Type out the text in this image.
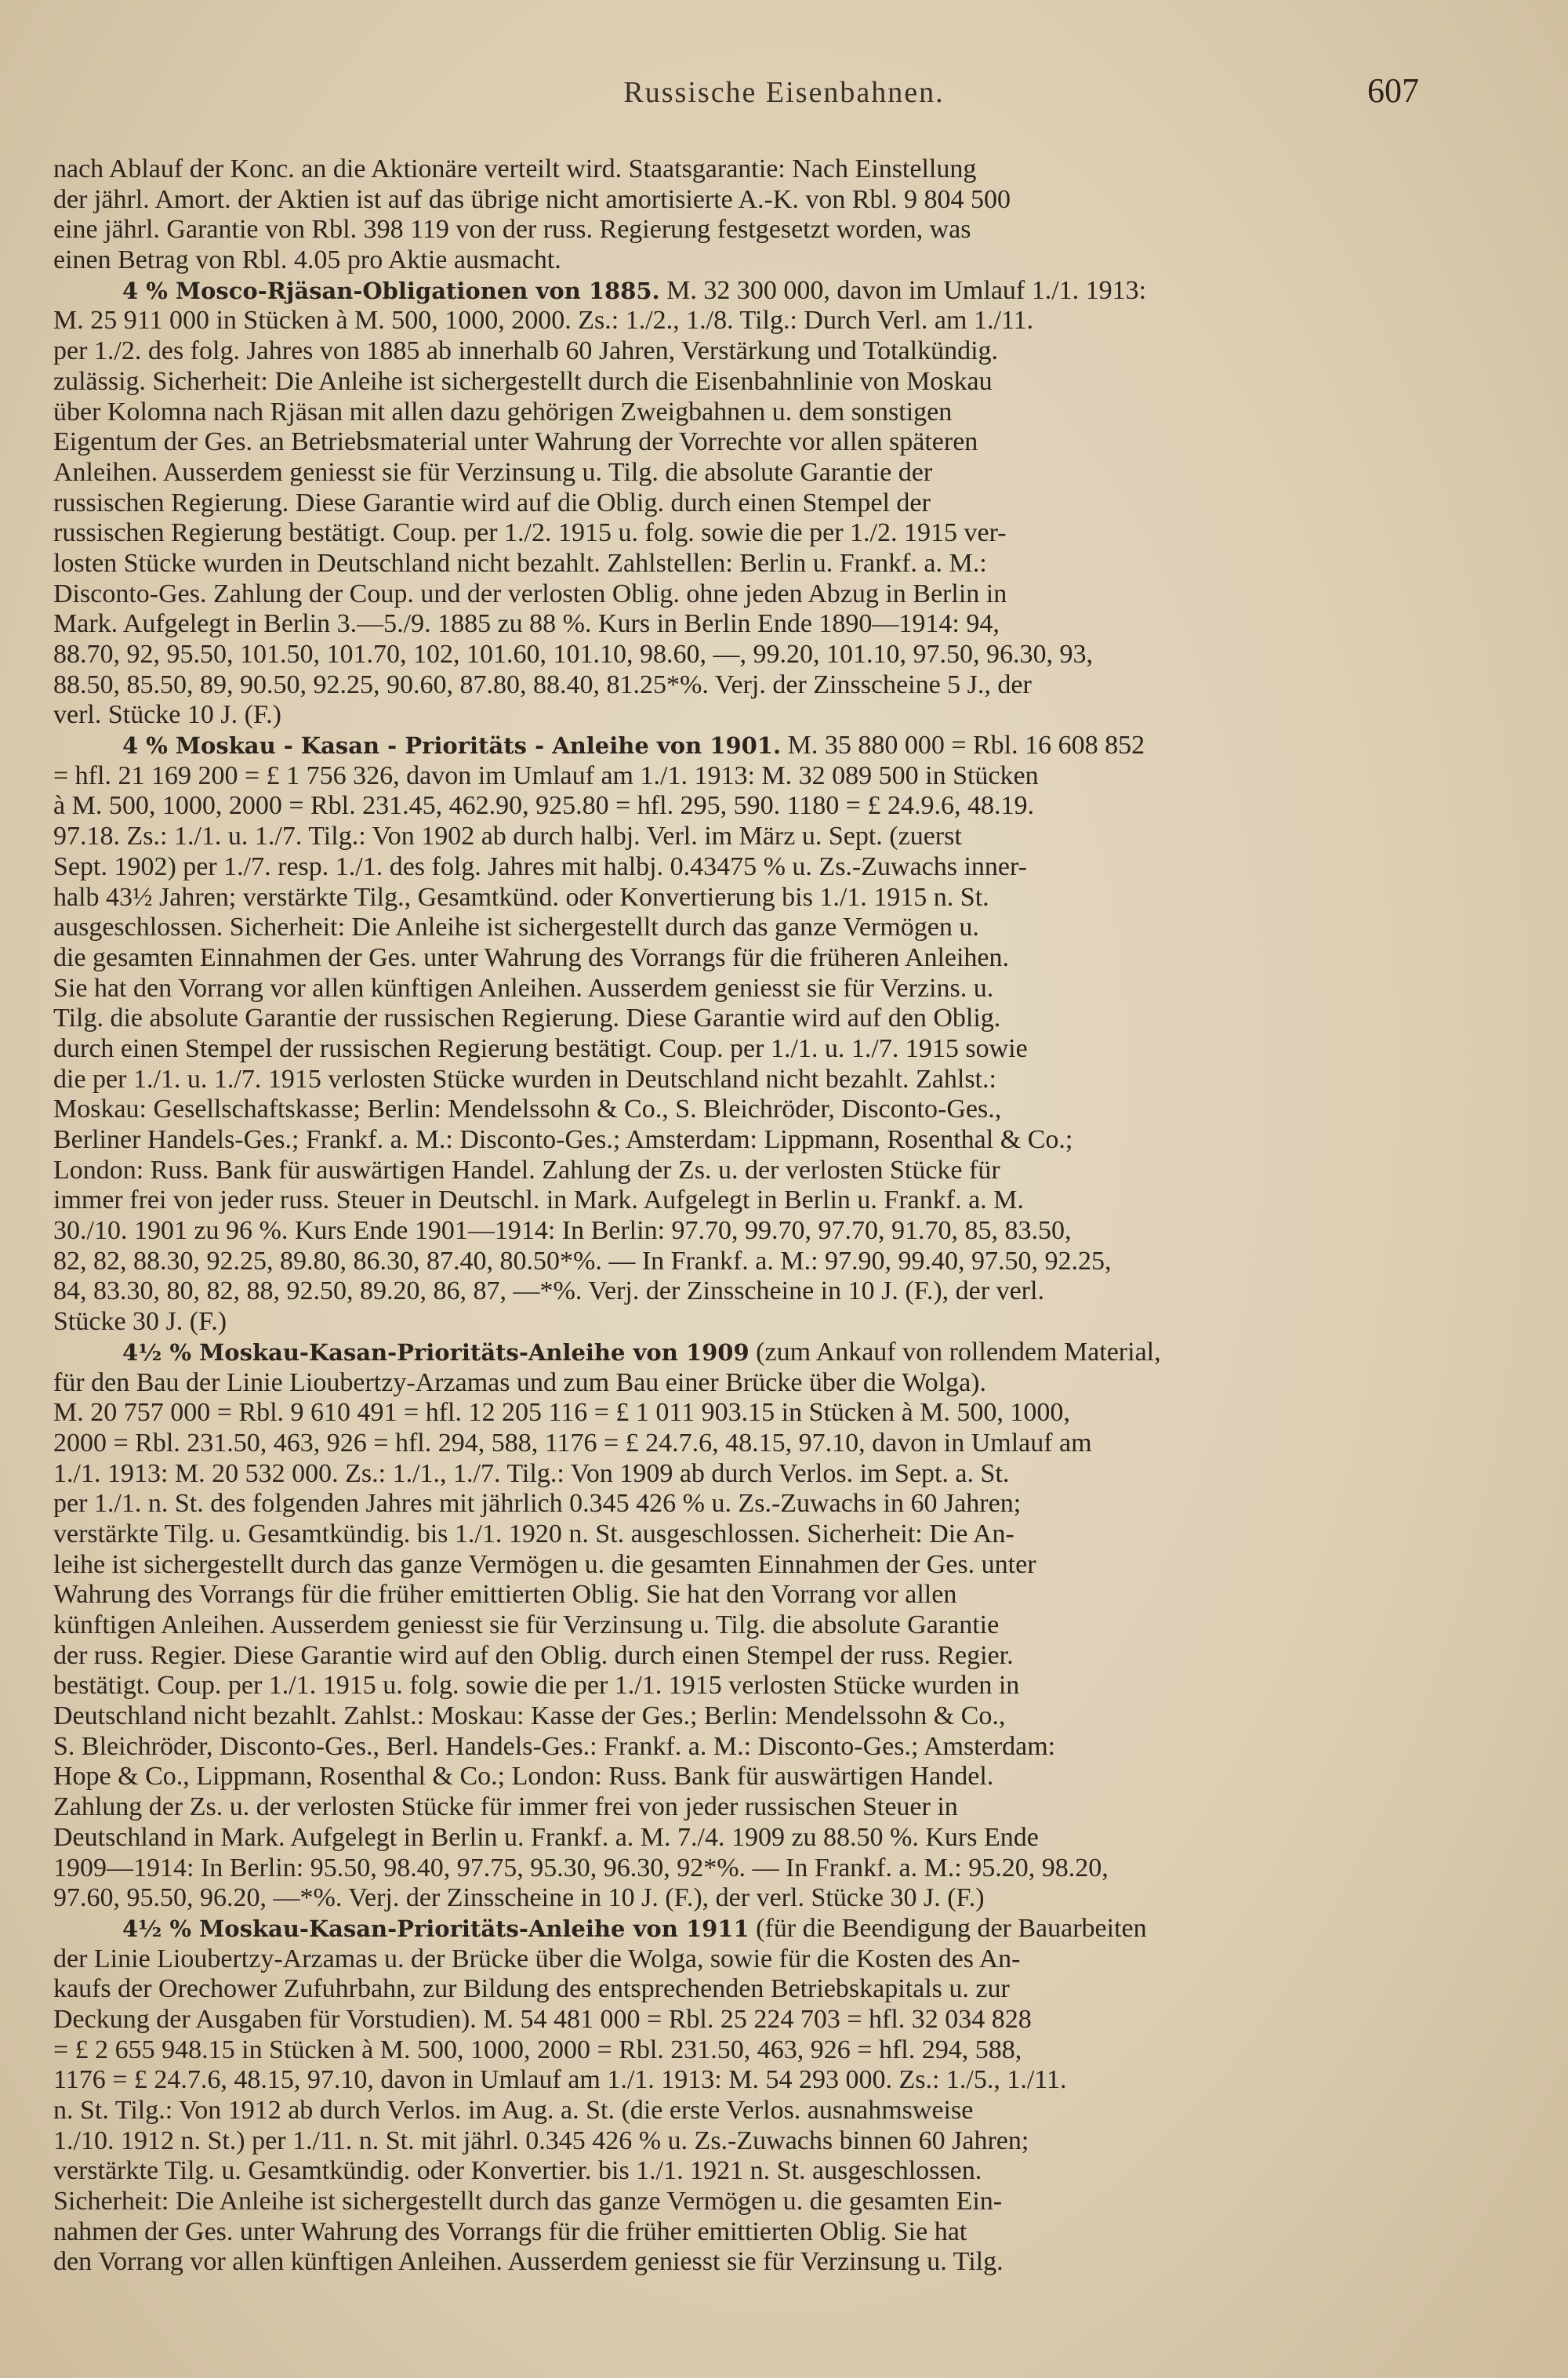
Russische Eisenbahnen.	607
nach Ablauf der Konc. an die Aktionäre verteilt wird. Staatsgarantie: Nach Einstellung
der jährl. Amort. der Aktien ist auf das übrige nicht amortisierte A.-K. von Rbl. 9 804 500
eine jährl. Garantie von Rbl. 398 119 von der russ. Regierung festgesetzt worden, was
einen Betrag von Rbl. 4.05 pro Aktie ausmacht.
4 % Mosco-Rjäsan-Obligationen von 1885. M. 32 300 000, davon im Umlauf 1./1. 1913:
M. 25 911 000 in Stücken à M. 500, 1000, 2000. Zs.: 1./2., 1./8. Tilg.: Durch Verl. am 1./11.
per 1./2. des folg. Jahres von 1885 ab innerhalb 60 Jahren, Verstärkung und Totalkündig.
zulässig. Sicherheit: Die Anleihe ist sichergestellt durch die Eisenbahnlinie von Moskau
über Kolomna nach Rjäsan mit allen dazu gehörigen Zweigbahnen u. dem sonstigen
Eigentum der Ges. an Betriebsmaterial unter Wahrung der Vorrechte vor allen späteren
Anleihen. Ausserdem geniesst sie für Verzinsung u. Tilg. die absolute Garantie der
russischen Regierung. Diese Garantie wird auf die Oblig. durch einen Stempel der
russischen Regierung bestätigt. Coup. per 1./2. 1915 u. folg. sowie die per 1./2. 1915 ver-
losten Stücke wurden in Deutschland nicht bezahlt. Zahlstellen: Berlin u. Frankf. a. M.:
Disconto-Ges. Zahlung der Coup. und der verlosten Oblig. ohne jeden Abzug in Berlin in
Mark. Aufgelegt in Berlin 3.—5./9. 1885 zu 88 %. Kurs in Berlin Ende 1890—1914: 94,
88.70, 92, 95.50, 101.50, 101.70, 102, 101.60, 101.10, 98.60, —, 99.20, 101.10, 97.50, 96.30, 93,
88.50, 85.50, 89, 90.50, 92.25, 90.60, 87.80, 88.40, 81.25*%. Verj. der Zinsscheine 5 J., der
verl. Stücke 10 J. (F.)
4 % Moskau - Kasan - Prioritäts - Anleihe von 1901. M. 35 880 000 = Rbl. 16 608 852
= hfl. 21 169 200 = £ 1 756 326, davon im Umlauf am 1./1. 1913: M. 32 089 500 in Stücken
à M. 500, 1000, 2000 = Rbl. 231.45, 462.90, 925.80 = hfl. 295, 590. 1180 = £ 24.9.6, 48.19.
97.18. Zs.: 1./1. u. 1./7. Tilg.: Von 1902 ab durch halbj. Verl. im März u. Sept. (zuerst
Sept. 1902) per 1./7. resp. 1./1. des folg. Jahres mit halbj. 0.43475 % u. Zs.-Zuwachs inner-
halb 43½ Jahren; verstärkte Tilg., Gesamtkünd. oder Konvertierung bis 1./1. 1915 n. St.
ausgeschlossen. Sicherheit: Die Anleihe ist sichergestellt durch das ganze Vermögen u.
die gesamten Einnahmen der Ges. unter Wahrung des Vorrangs für die früheren Anleihen.
Sie hat den Vorrang vor allen künftigen Anleihen. Ausserdem geniesst sie für Verzins. u.
Tilg. die absolute Garantie der russischen Regierung. Diese Garantie wird auf den Oblig.
durch einen Stempel der russischen Regierung bestätigt. Coup. per 1./1. u. 1./7. 1915 sowie
die per 1./1. u. 1./7. 1915 verlosten Stücke wurden in Deutschland nicht bezahlt. Zahlst.:
Moskau: Gesellschaftskasse; Berlin: Mendelssohn & Co., S. Bleichröder, Disconto-Ges.,
Berliner Handels-Ges.; Frankf. a. M.: Disconto-Ges.; Amsterdam: Lippmann, Rosenthal & Co.;
London: Russ. Bank für auswärtigen Handel. Zahlung der Zs. u. der verlosten Stücke für
immer frei von jeder russ. Steuer in Deutschl. in Mark. Aufgelegt in Berlin u. Frankf. a. M.
30./10. 1901 zu 96 %. Kurs Ende 1901—1914: In Berlin: 97.70, 99.70, 97.70, 91.70, 85, 83.50,
82, 82, 88.30, 92.25, 89.80, 86.30, 87.40, 80.50*%. — In Frankf. a. M.: 97.90, 99.40, 97.50, 92.25,
84, 83.30, 80, 82, 88, 92.50, 89.20, 86, 87, —*%. Verj. der Zinsscheine in 10 J. (F.), der verl.
Stücke 30 J. (F.)
4½ % Moskau-Kasan-Prioritäts-Anleihe von 1909 (zum Ankauf von rollendem Material,
für den Bau der Linie Lioubertzy-Arzamas und zum Bau einer Brücke über die Wolga).
M. 20 757 000 = Rbl. 9 610 491 = hfl. 12 205 116 = £ 1 011 903.15 in Stücken à M. 500, 1000,
2000 = Rbl. 231.50, 463, 926 = hfl. 294, 588, 1176 = £ 24.7.6, 48.15, 97.10, davon in Umlauf am
1./1. 1913: M. 20 532 000. Zs.: 1./1., 1./7. Tilg.: Von 1909 ab durch Verlos. im Sept. a. St.
per 1./1. n. St. des folgenden Jahres mit jährlich 0.345 426 % u. Zs.-Zuwachs in 60 Jahren;
verstärkte Tilg. u. Gesamtkündig. bis 1./1. 1920 n. St. ausgeschlossen. Sicherheit: Die An-
leihe ist sichergestellt durch das ganze Vermögen u. die gesamten Einnahmen der Ges. unter
Wahrung des Vorrangs für die früher emittierten Oblig. Sie hat den Vorrang vor allen
künftigen Anleihen. Ausserdem geniesst sie für Verzinsung u. Tilg. die absolute Garantie
der russ. Regier. Diese Garantie wird auf den Oblig. durch einen Stempel der russ. Regier.
bestätigt. Coup. per 1./1. 1915 u. folg. sowie die per 1./1. 1915 verlosten Stücke wurden in
Deutschland nicht bezahlt. Zahlst.: Moskau: Kasse der Ges.; Berlin: Mendelssohn & Co.,
S. Bleichröder, Disconto-Ges., Berl. Handels-Ges.: Frankf. a. M.: Disconto-Ges.; Amsterdam:
Hope & Co., Lippmann, Rosenthal & Co.; London: Russ. Bank für auswärtigen Handel.
Zahlung der Zs. u. der verlosten Stücke für immer frei von jeder russischen Steuer in
Deutschland in Mark. Aufgelegt in Berlin u. Frankf. a. M. 7./4. 1909 zu 88.50 %. Kurs Ende
1909—1914: In Berlin: 95.50, 98.40, 97.75, 95.30, 96.30, 92*%. — In Frankf. a. M.: 95.20, 98.20,
97.60, 95.50, 96.20, —*%. Verj. der Zinsscheine in 10 J. (F.), der verl. Stücke 30 J. (F.)
4½ % Moskau-Kasan-Prioritäts-Anleihe von 1911 (für die Beendigung der Bauarbeiten
der Linie Lioubertzy-Arzamas u. der Brücke über die Wolga, sowie für die Kosten des An-
kaufs der Orechower Zufuhrbahn, zur Bildung des entsprechenden Betriebskapitals u. zur
Deckung der Ausgaben für Vorstudien). M. 54 481 000 = Rbl. 25 224 703 = hfl. 32 034 828
= £ 2 655 948.15 in Stücken à M. 500, 1000, 2000 = Rbl. 231.50, 463, 926 = hfl. 294, 588,
1176 = £ 24.7.6, 48.15, 97.10, davon in Umlauf am 1./1. 1913: M. 54 293 000. Zs.: 1./5., 1./11.
n. St. Tilg.: Von 1912 ab durch Verlos. im Aug. a. St. (die erste Verlos. ausnahmsweise
1./10. 1912 n. St.) per 1./11. n. St. mit jährl. 0.345 426 % u. Zs.-Zuwachs binnen 60 Jahren;
verstärkte Tilg. u. Gesamtkündig. oder Konvertier. bis 1./1. 1921 n. St. ausgeschlossen.
Sicherheit: Die Anleihe ist sichergestellt durch das ganze Vermögen u. die gesamten Ein-
nahmen der Ges. unter Wahrung des Vorrangs für die früher emittierten Oblig. Sie hat
den Vorrang vor allen künftigen Anleihen. Ausserdem geniesst sie für Verzinsung u. Tilg.
